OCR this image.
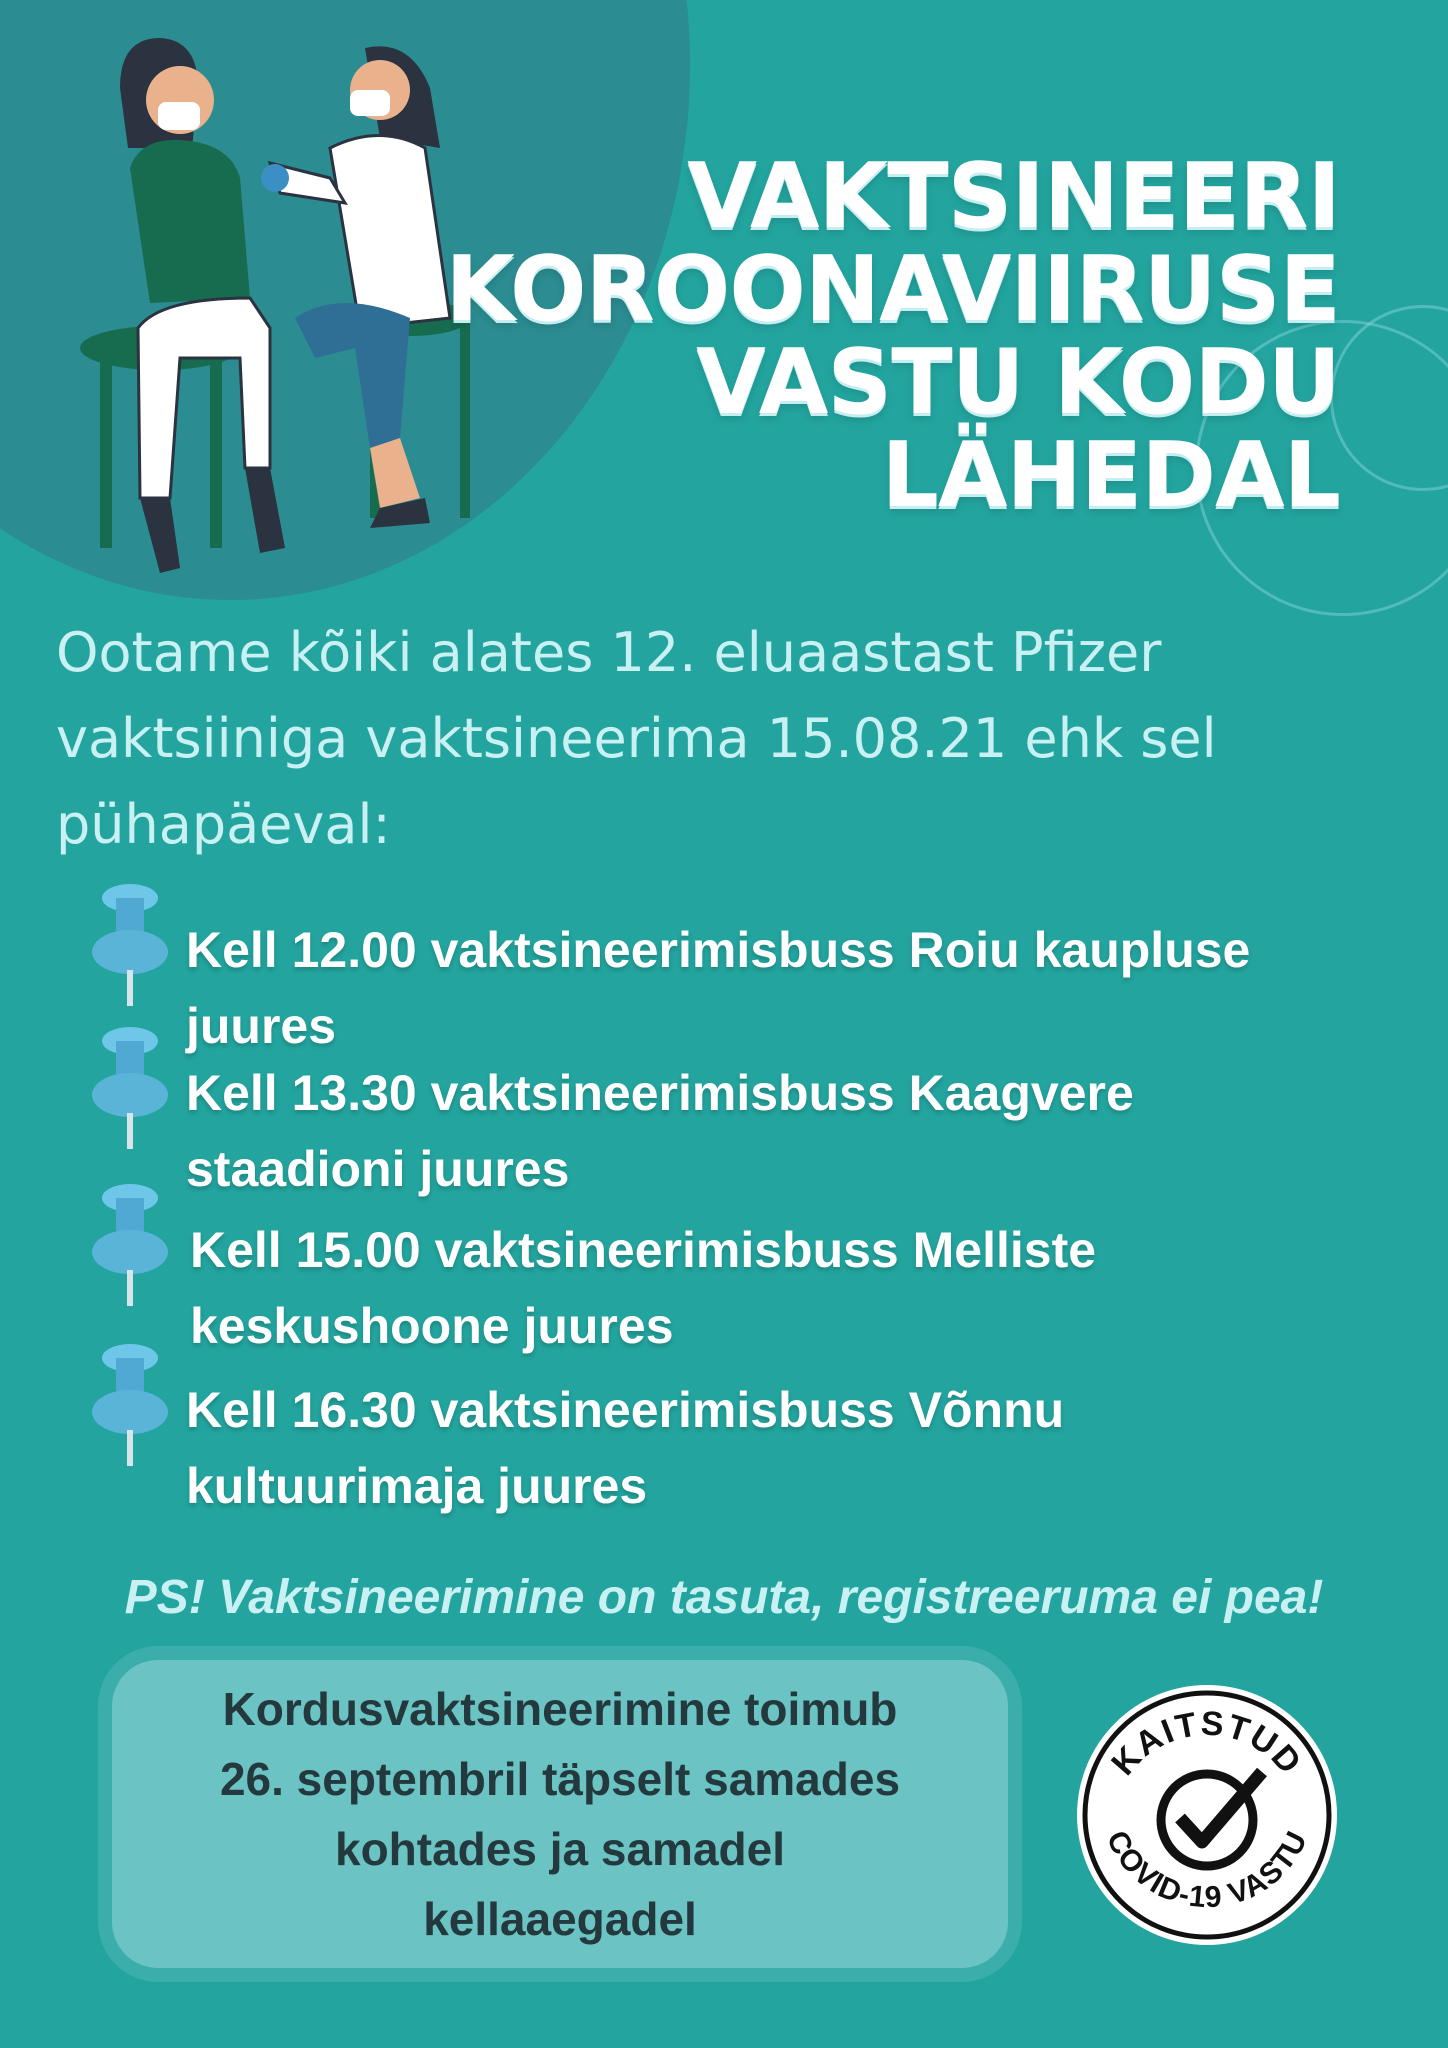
VAKTSINEERI
KOROONAVIIRUSE
VASTU KODU
LÄHEDAL
Ootame kõiki alates 12. eluaastast Pfizer
vaktsiiniga vaktsineerima 15.08.21 ehk sel
pühapäeval:
Kell 12.00 vaktsineerimisbuss Roiu kaupluse
juures
Kell 13.30 vaktsineerimisbuss Kaagvere
staadioni juures
Kell 15.00 vaktsineerimisbuss Melliste
keskushoone juures
Kell 16.30 vaktsineerimisbuss Võnnu
kultuurimaja juures
PS! Vaktsineerimine on tasuta, registreeruma ei pea!
Kordusvaktsineerimine toimub
26. septembril täpselt samades
kohtades ja samadel
kellaaegadel
KAITSTUD
COVID-19 VASTU
